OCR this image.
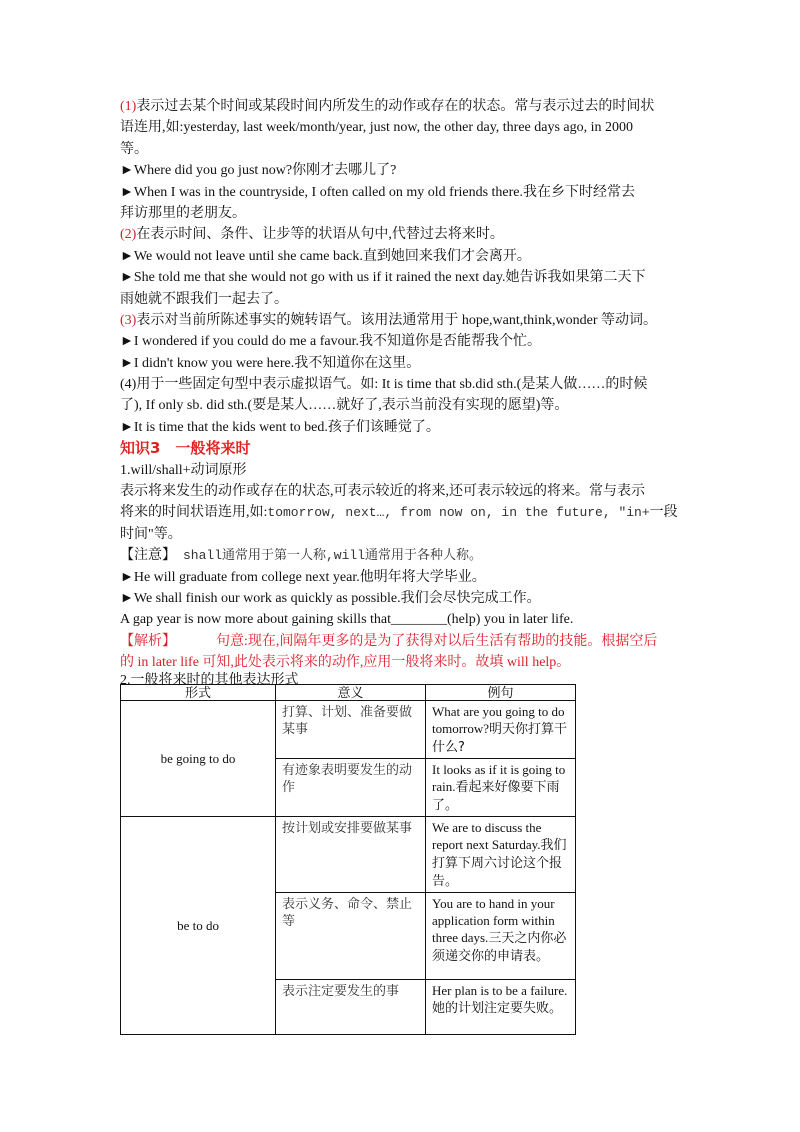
(1)表示过去某个时间或某段时间内所发生的动作或存在的状态。常与表示过去的时间状
语连用,如:yesterday, last week/month/year, just now, the other day, three days ago, in 2000
等。
►Where did you go just now?你刚才去哪儿了?
►When I was in the countryside, I often called on my old friends there.我在乡下时经常去
拜访那里的老朋友。
(2)在表示时间、条件、让步等的状语从句中,代替过去将来时。
►We would not leave until she came back.直到她回来我们才会离开。
►She told me that she would not go with us if it rained the next day.她告诉我如果第二天下
雨她就不跟我们一起去了。
(3)表示对当前所陈述事实的婉转语气。该用法通常用于 hope,want,think,wonder 等动词。
►I wondered if you could do me a favour.我不知道你是否能帮我个忙。
►I didn't know you were here.我不知道你在这里。
(4)用于一些固定句型中表示虚拟语气。如: It is time that sb.did sth.(是某人做……的时候
了), If only sb. did sth.(要是某人……就好了,表示当前没有实现的愿望)等。
►It is time that the kids went to bed.孩子们该睡觉了。
知识3　一般将来时
1.will/shall+动词原形
表示将来发生的动作或存在的状态,可表示较近的将来,还可表示较远的将来。常与表示
将来的时间状语连用,如:tomorrow, next…, from now on, in the future, "in+一段
时间"等。
【注意】 shall通常用于第一人称,will通常用于各种人称。
►He will graduate from college next year.他明年将大学毕业。
►We shall finish our work as quickly as possible.我们会尽快完成工作。
A gap year is now more about gaining skills that________(help) you in later life.
【解析】	句意:现在,间隔年更多的是为了获得对以后生活有帮助的技能。根据空后
的 in later life 可知,此处表示将来的动作,应用一般将来时。故填 will help。
2.一般将来时的其他表达形式
形式	意义	例句
be going to do	打算、计划、准备要做某事	What are you going to do tomorrow?明天你打算干什么?
	有迹象表明要发生的动作	It looks as if it is going to rain.看起来好像要下雨了。
be to do	按计划或安排要做某事	We are to discuss the report next Saturday.我们打算下周六讨论这个报告。
	表示义务、命令、禁止等	You are to hand in your application form within three days.三天之内你必须递交你的申请表。
	表示注定要发生的事	Her plan is to be a failure.她的计划注定要失败。
